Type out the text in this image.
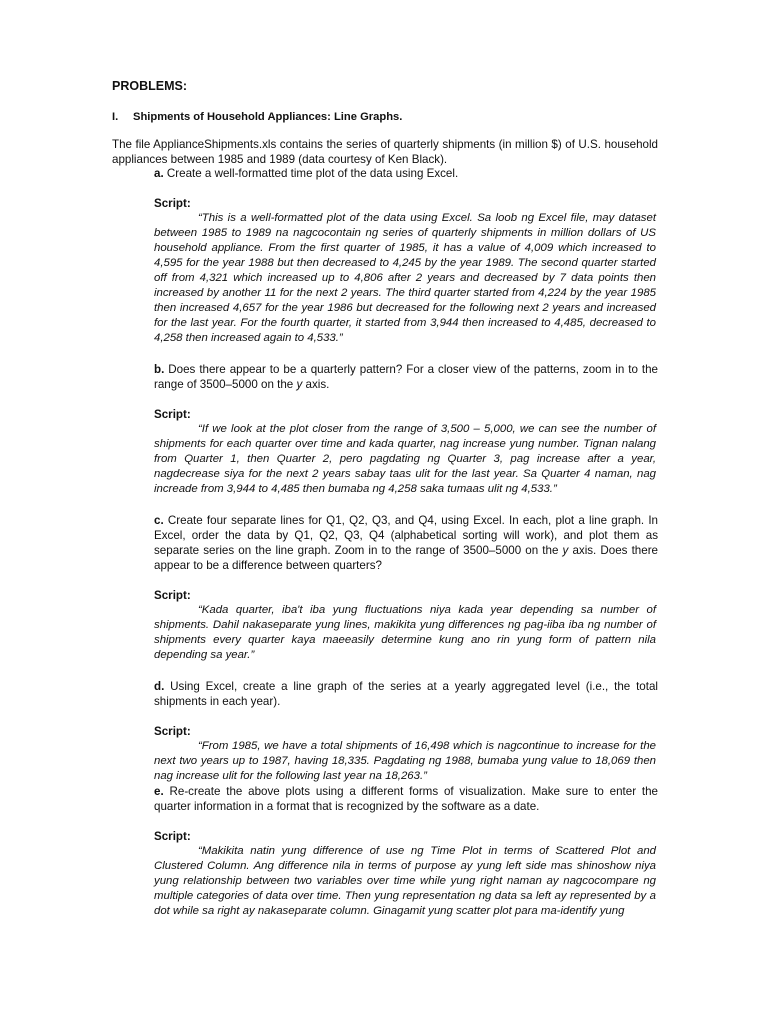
PROBLEMS:
I. Shipments of Household Appliances: Line Graphs.
The file ApplianceShipments.xls contains the series of quarterly shipments (in million $) of U.S. household appliances between 1985 and 1989 (data courtesy of Ken Black).
a. Create a well-formatted time plot of the data using Excel.
Script:
“This is a well-formatted plot of the data using Excel. Sa loob ng Excel file, may dataset between 1985 to 1989 na nagcocontain ng series of quarterly shipments in million dollars of US household appliance. From the first quarter of 1985, it has a value of 4,009 which increased to 4,595 for the year 1988 but then decreased to 4,245 by the year 1989. The second quarter started off from 4,321 which increased up to 4,806 after 2 years and decreased by 7 data points then increased by another 11 for the next 2 years. The third quarter started from 4,224 by the year 1985 then increased 4,657 for the year 1986 but decreased for the following next 2 years and increased for the last year. For the fourth quarter, it started from 3,944 then increased to 4,485, decreased to 4,258 then increased again to 4,533.”
b. Does there appear to be a quarterly pattern? For a closer view of the patterns, zoom in to the range of 3500–5000 on the y axis.
Script:
“If we look at the plot closer from the range of 3,500 – 5,000, we can see the number of shipments for each quarter over time and kada quarter, nag increase yung number. Tignan nalang from Quarter 1, then Quarter 2, pero pagdating ng Quarter 3, pag increase after a year, nagdecrease siya for the next 2 years sabay taas ulit for the last year. Sa Quarter 4 naman, nag increade from 3,944 to 4,485 then bumaba ng 4,258 saka tumaas ulit ng 4,533.”
c. Create four separate lines for Q1, Q2, Q3, and Q4, using Excel. In each, plot a line graph. In Excel, order the data by Q1, Q2, Q3, Q4 (alphabetical sorting will work), and plot them as separate series on the line graph. Zoom in to the range of 3500–5000 on the y axis. Does there appear to be a difference between quarters?
Script:
“Kada quarter, iba't iba yung fluctuations niya kada year depending sa number of shipments. Dahil nakaseparate yung lines, makikita yung differences ng pag-iiba iba ng number of shipments every quarter kaya maeeasily determine kung ano rin yung form of pattern nila depending sa year.”
d. Using Excel, create a line graph of the series at a yearly aggregated level (i.e., the total shipments in each year).
Script:
“From 1985, we have a total shipments of 16,498 which is nagcontinue to increase for the next two years up to 1987, having 18,335. Pagdating ng 1988, bumaba yung value to 18,069 then nag increase ulit for the following last year na 18,263.”
e. Re-create the above plots using a different forms of visualization. Make sure to enter the quarter information in a format that is recognized by the software as a date.
Script:
“Makikita natin yung difference of use ng Time Plot in terms of Scattered Plot and Clustered Column. Ang difference nila in terms of purpose ay yung left side mas shinoshow niya yung relationship between two variables over time while yung right naman ay nagcocompare ng multiple categories of data over time. Then yung representation ng data sa left ay represented by a dot while sa right ay nakaseparate column. Ginagamit yung scatter plot para ma-identify yung
